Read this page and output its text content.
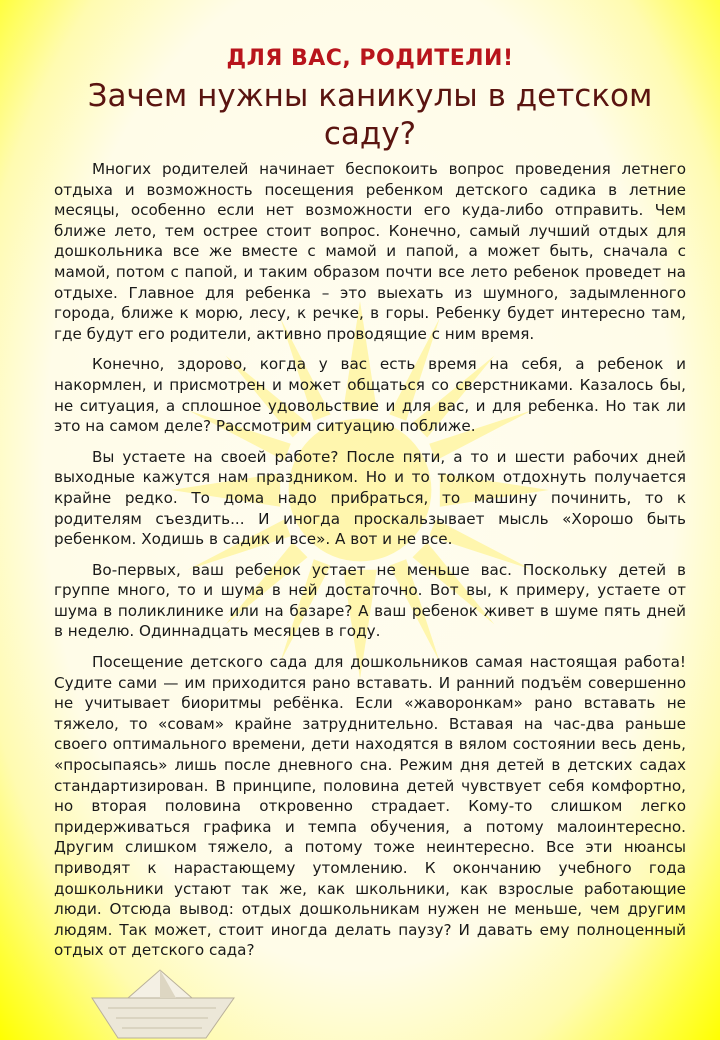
ДЛЯ ВАС, РОДИТЕЛИ!
Зачем нужны каникулы в детском саду?

Многих родителей начинает беспокоить вопрос проведения летнего отдыха и возможность посещения ребенком детского садика в летние месяцы, особенно если нет возможности его куда-либо отправить. Чем ближе лето, тем острее стоит вопрос. Конечно, самый лучший отдых для дошкольника все же вместе с мамой и папой, а может быть, сначала с мамой, потом с папой, и таким образом почти все лето ребенок проведет на отдыхе. Главное для ребенка – это выехать из шумного, задымленного города, ближе к морю, лесу, к речке, в горы. Ребенку будет интересно там, где будут его родители, активно проводящие с ним время.

Конечно, здорово, когда у вас есть время на себя, а ребенок и накормлен, и присмотрен и может общаться со сверстниками. Казалось бы, не ситуация, а сплошное удовольствие и для вас, и для ребенка. Но так ли это на самом деле? Рассмотрим ситуацию поближе.

Вы устаете на своей работе? После пяти, а то и шести рабочих дней выходные кажутся нам праздником. Но и то толком отдохнуть получается крайне редко. То дома надо прибраться, то машину починить, то к родителям съездить... И иногда проскальзывает мысль «Хорошо быть ребенком. Ходишь в садик и все». А вот и не все.

Во-первых, ваш ребенок устает не меньше вас. Поскольку детей в группе много, то и шума в ней достаточно. Вот вы, к примеру, устаете от шума в поликлинике или на базаре? А ваш ребенок живет в шуме пять дней в неделю. Одиннадцать месяцев в году.

Посещение детского сада для дошкольников самая настоящая работа! Судите сами — им приходится рано вставать. И ранний подъём совершенно не учитывает биоритмы ребёнка. Если «жаворонкам» рано вставать не тяжело, то «совам» крайне затруднительно. Вставая на час-два раньше своего оптимального времени, дети находятся в вялом состоянии весь день, «просыпаясь» лишь после дневного сна. Режим дня детей в детских садах стандартизирован. В принципе, половина детей чувствует себя комфортно, но вторая половина откровенно страдает. Кому-то слишком легко придерживаться графика и темпа обучения, а потому малоинтересно. Другим слишком тяжело, а потому тоже неинтересно. Все эти нюансы приводят к нарастающему утомлению. К окончанию учебного года дошкольники устают так же, как школьники, как взрослые работающие люди. Отсюда вывод: отдых дошкольникам нужен не меньше, чем другим людям. Так может, стоит иногда делать паузу? И давать ему полноценный отдых от детского сада?
